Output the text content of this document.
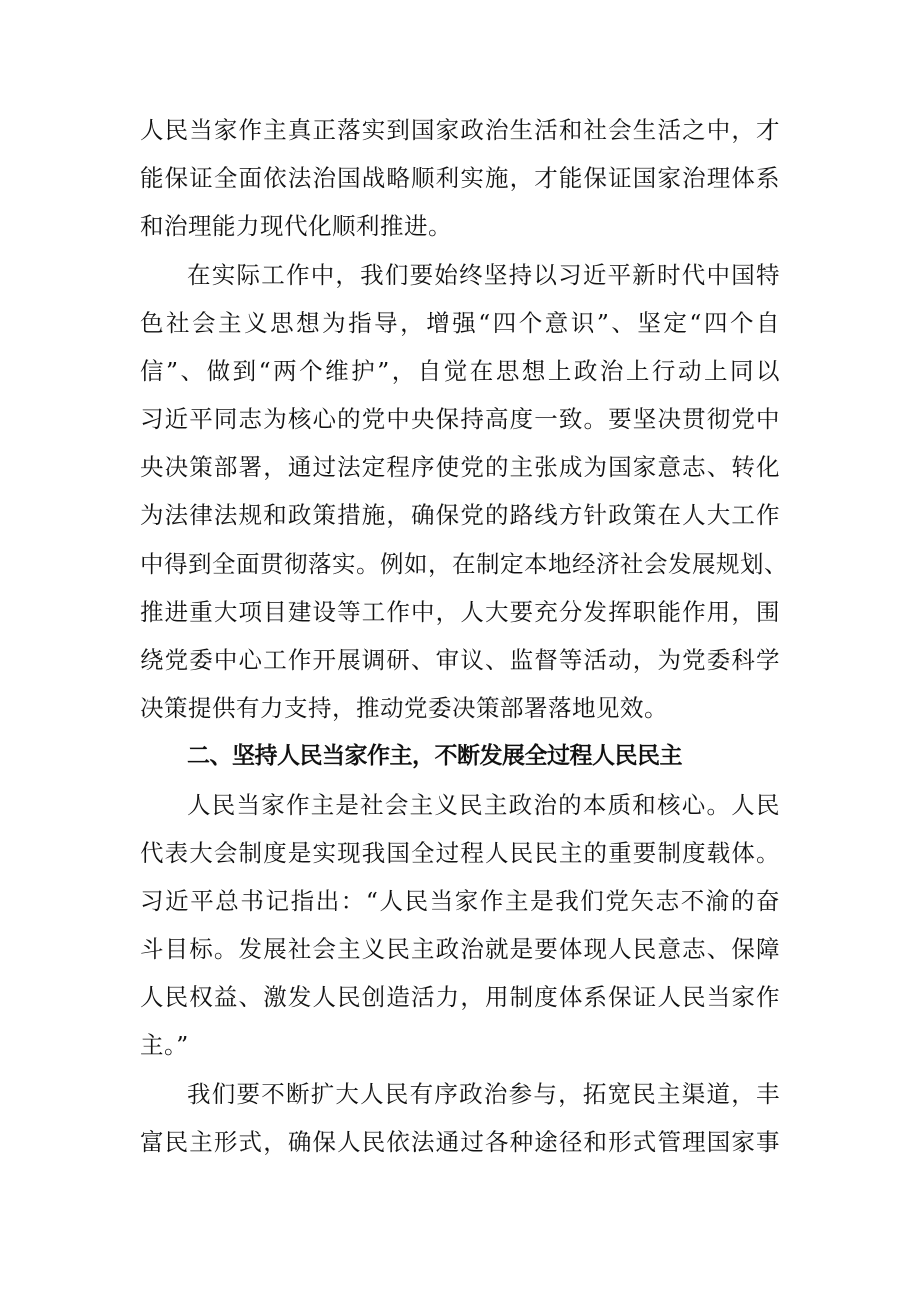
人民当家作主真正落实到国家政治生活和社会生活之中，才
能保证全面依法治国战略顺利实施，才能保证国家治理体系
和治理能力现代化顺利推进。
在实际工作中，我们要始终坚持以习近平新时代中国特
色社会主义思想为指导，增强“四个意识”、坚定“四个自
信”、做到“两个维护”，自觉在思想上政治上行动上同以
习近平同志为核心的党中央保持高度一致。要坚决贯彻党中
央决策部署，通过法定程序使党的主张成为国家意志、转化
为法律法规和政策措施，确保党的路线方针政策在人大工作
中得到全面贯彻落实。例如，在制定本地经济社会发展规划、
推进重大项目建设等工作中，人大要充分发挥职能作用，围
绕党委中心工作开展调研、审议、监督等活动，为党委科学
决策提供有力支持，推动党委决策部署落地见效。
二、坚持人民当家作主，不断发展全过程人民民主
人民当家作主是社会主义民主政治的本质和核心。人民
代表大会制度是实现我国全过程人民民主的重要制度载体。
习近平总书记指出：“人民当家作主是我们党矢志不渝的奋
斗目标。发展社会主义民主政治就是要体现人民意志、保障
人民权益、激发人民创造活力，用制度体系保证人民当家作
主。”
我们要不断扩大人民有序政治参与，拓宽民主渠道，丰
富民主形式，确保人民依法通过各种途径和形式管理国家事
